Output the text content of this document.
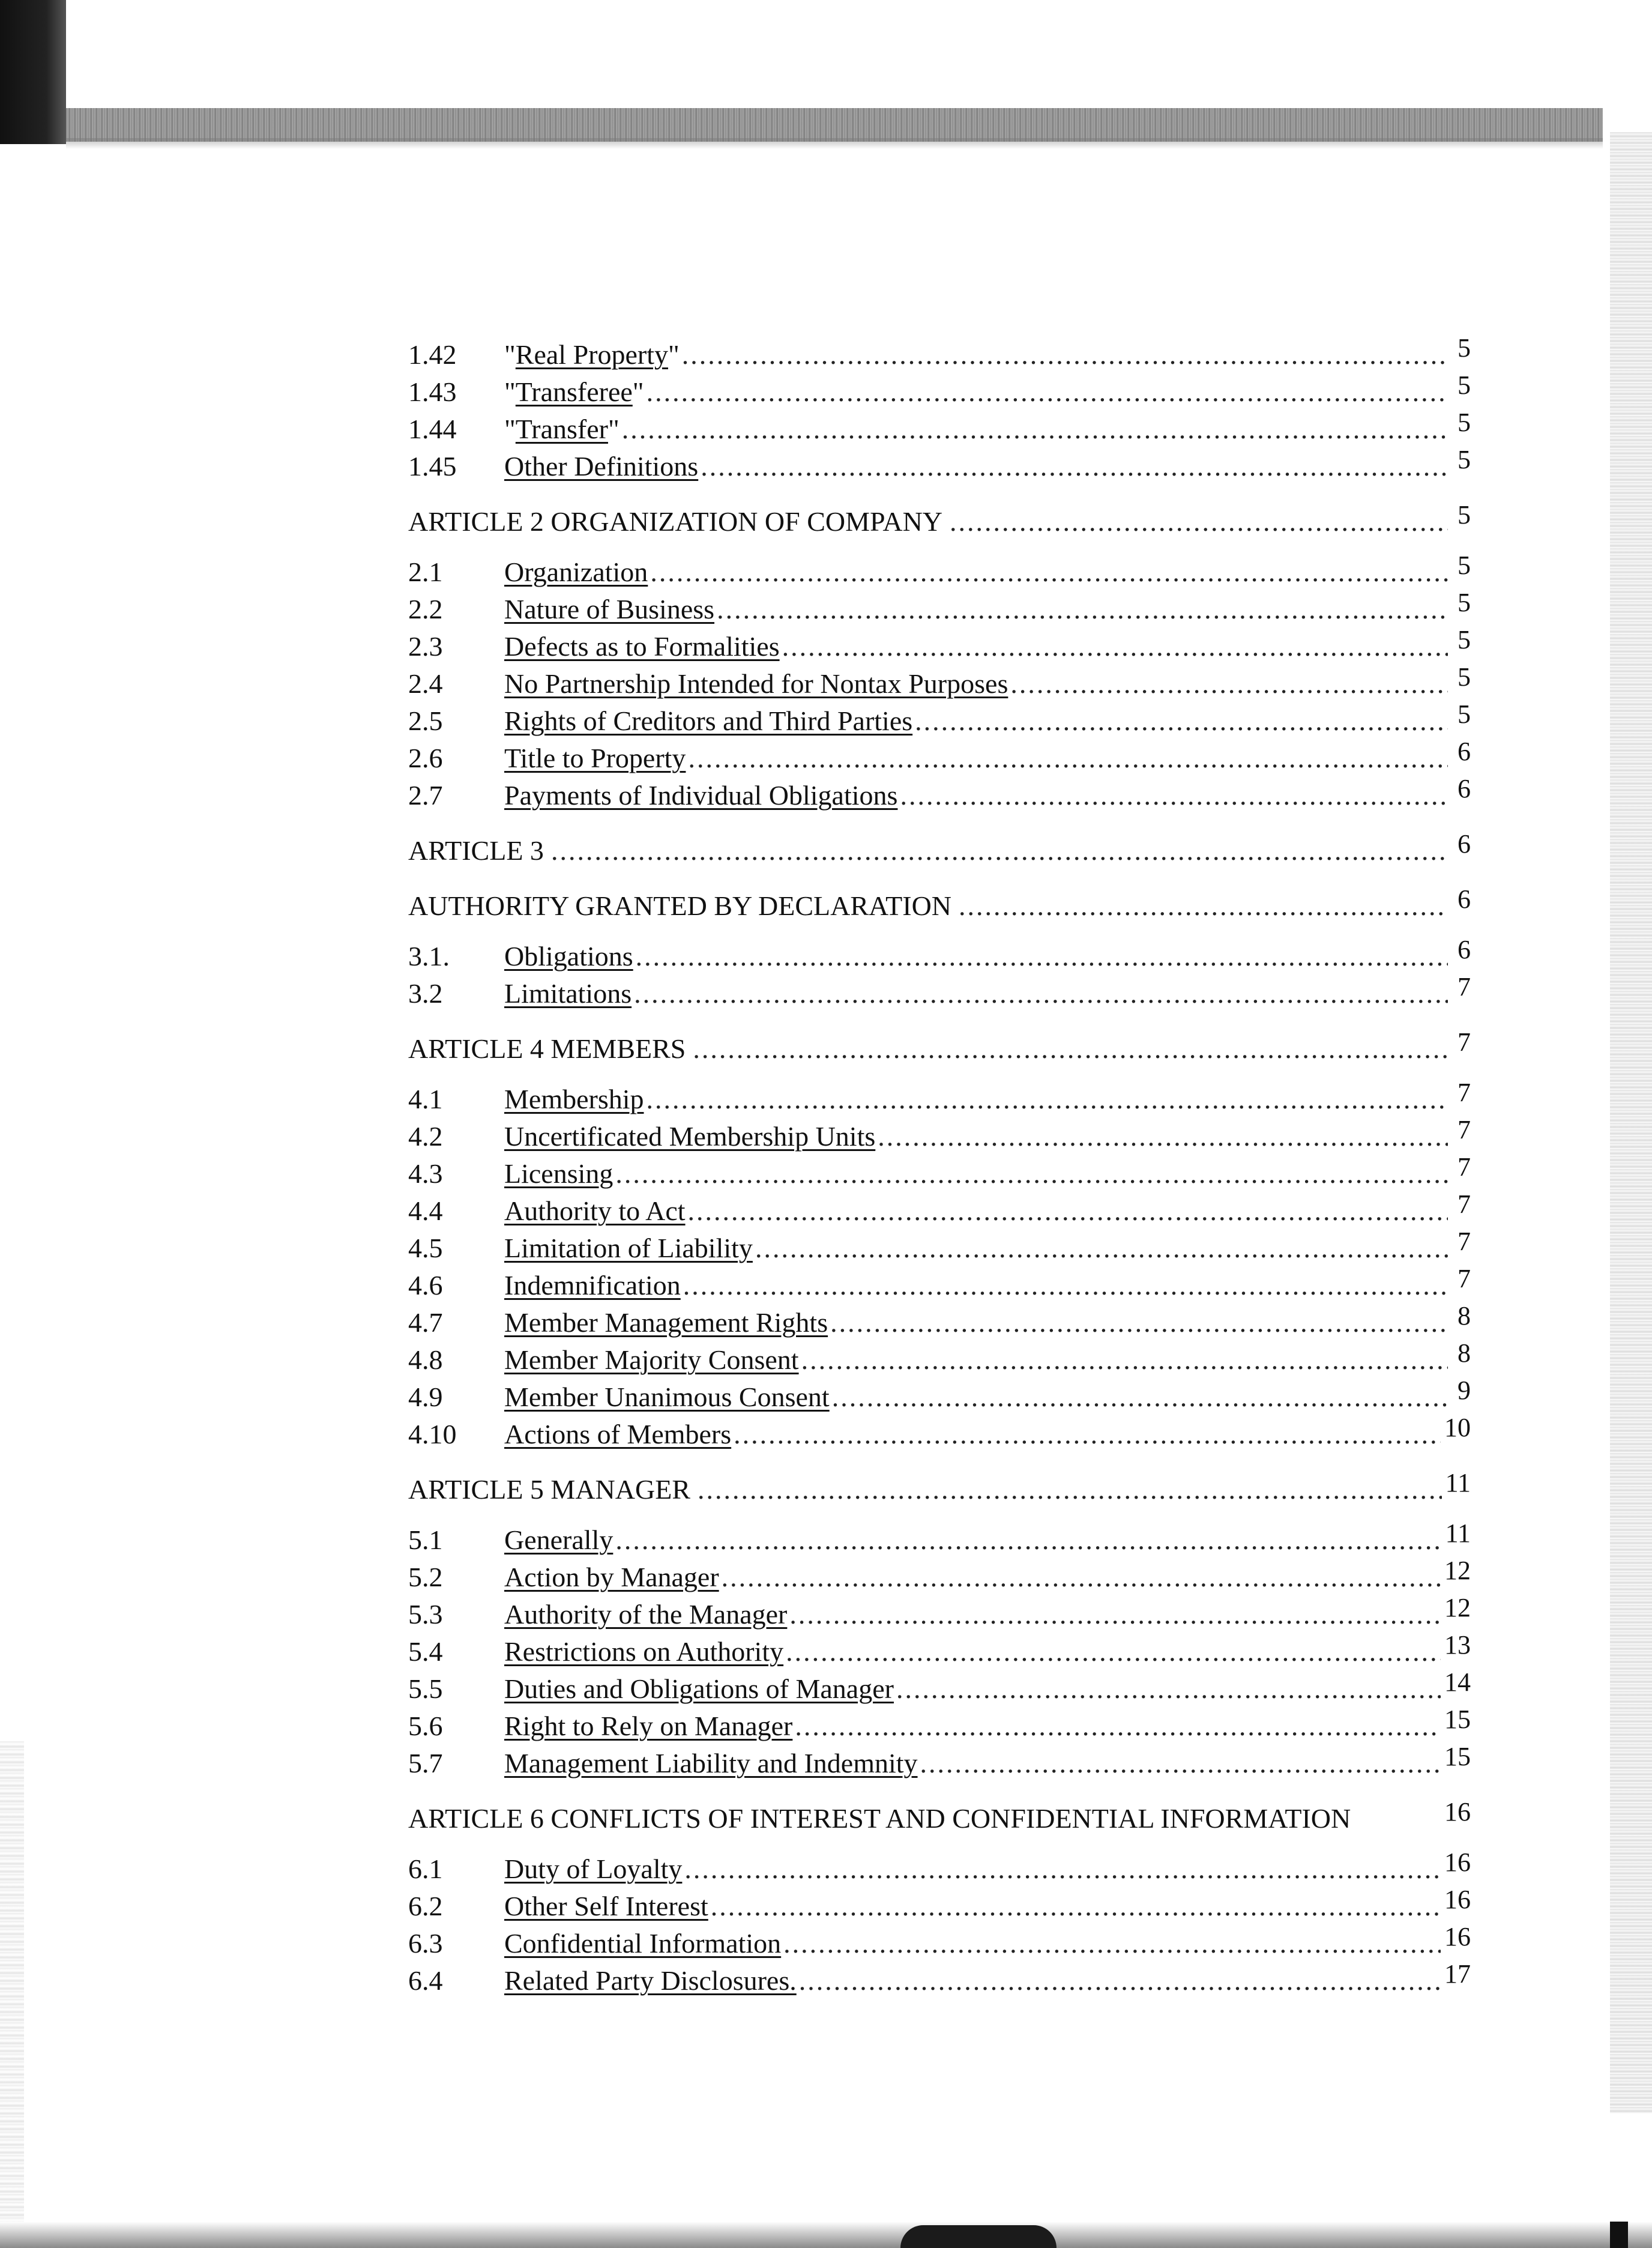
1.42	"Real Property" .....	5
1.43	"Transferee" .....	5
1.44	"Transfer" .....	5
1.45	Other Definitions .....	5
ARTICLE 2 ORGANIZATION OF COMPANY .....	5
2.1	Organization .....	5
2.2	Nature of Business .....	5
2.3	Defects as to Formalities .....	5
2.4	No Partnership Intended for Nontax Purposes .....	5
2.5	Rights of Creditors and Third Parties .....	5
2.6	Title to Property .....	6
2.7	Payments of Individual Obligations .....	6
ARTICLE 3 .....	6
AUTHORITY GRANTED BY DECLARATION .....	6
3.1.	Obligations .....	6
3.2	Limitations .....	7
ARTICLE 4 MEMBERS .....	7
4.1	Membership .....	7
4.2	Uncertificated Membership Units .....	7
4.3	Licensing .....	7
4.4	Authority to Act .....	7
4.5	Limitation of Liability .....	7
4.6	Indemnification .....	7
4.7	Member Management Rights .....	8
4.8	Member Majority Consent .....	8
4.9	Member Unanimous Consent .....	9
4.10	Actions of Members .....	10
ARTICLE 5 MANAGER .....	11
5.1	Generally .....	11
5.2	Action by Manager .....	12
5.3	Authority of the Manager .....	12
5.4	Restrictions on Authority .....	13
5.5	Duties and Obligations of Manager .....	14
5.6	Right to Rely on Manager .....	15
5.7	Management Liability and Indemnity .....	15
ARTICLE 6 CONFLICTS OF INTEREST AND CONFIDENTIAL INFORMATION	16
6.1	Duty of Loyalty .....	16
6.2	Other Self Interest .....	16
6.3	Confidential Information .....	16
6.4	Related Party Disclosures. .....	17
